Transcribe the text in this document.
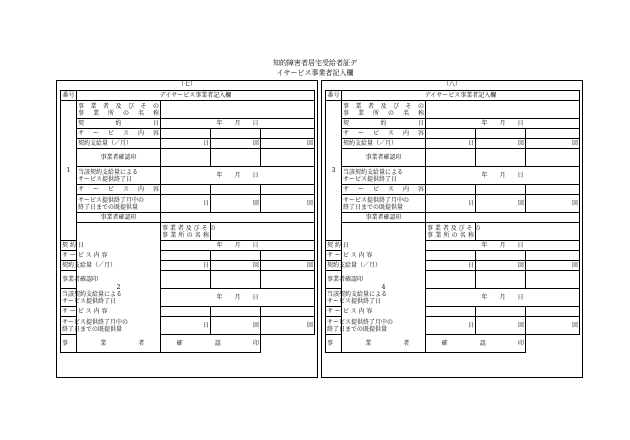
知的障害者居宅受給者証デ
イサービス事業者記入欄
（七）
番号	デイサービス事業者記入欄			
1	事 業 者 及 び そ の
事 業 所 の 名 称			

	契 約 日	年   月   日		
	サ ー ビ ス 内 容			
	契約支給量（／月）	日	回	回
	事業者確認印			

	当該契約支給量による
サービス提供終了日	年   月   日		
	サ ー ビ ス 内 容			

	サービス提供終了月中の
終了日までの既提供量	日	回	回
	事業者確認印			
	2	事 業 者 及 び そ の
事 業 所 の 名 称		

契 約 日		年   月   日		
サ ー ビ ス 内 容				
契約支給量（／月）		日	回	回
事業者確認印				

当該契約支給量による
サービス提供終了日		年   月   日		
サ ー ビ ス 内 容				

サービス提供終了月中の
終了日までの既提供量		日	回	回
事 業 者 確 認 印				
（八）
番号	デイサービス事業者記入欄			
3	事 業 者 及 び そ の
事 業 所 の 名 称			

	契 約 日	年   月   日		
	サ ー ビ ス 内 容			
	契約支給量（／月）	日	回	回
	事業者確認印			

	当該契約支給量による
サービス提供終了日	年   月   日		
	サ ー ビ ス 内 容			

	サービス提供終了月中の
終了日までの既提供量	日	回	回
	事業者確認印			
	4	事 業 者 及 び そ の
事 業 所 の 名 称		

契 約 日		年   月   日		
サ ー ビ ス 内 容				
契約支給量（／月）		日	回	回
事業者確認印				

当該契約支給量による
サービス提供終了日		年   月   日		
サ ー ビ ス 内 容				

サービス提供終了月中の
終了日までの既提供量		日	回	回
事 業 者 確 認 印				
